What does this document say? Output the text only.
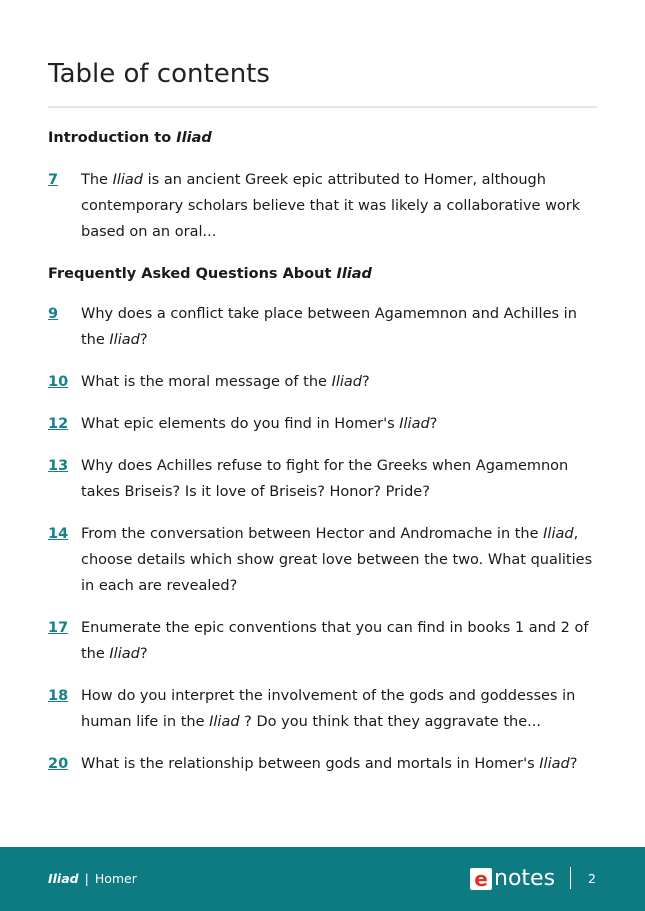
Table of contents
Introduction to Iliad
7 The Iliad is an ancient Greek epic attributed to Homer, although contemporary scholars believe that it was likely a collaborative work based on an oral...
Frequently Asked Questions About Iliad
9 Why does a conflict take place between Agamemnon and Achilles in the Iliad?
10 What is the moral message of the Iliad?
12 What epic elements do you find in Homer's Iliad?
13 Why does Achilles refuse to fight for the Greeks when Agamemnon takes Briseis? Is it love of Briseis? Honor? Pride?
14 From the conversation between Hector and Andromache in the Iliad, choose details which show great love between the two. What qualities in each are revealed?
17 Enumerate the epic conventions that you can find in books 1 and 2 of the Iliad?
18 How do you interpret the involvement of the gods and goddesses in human life in the Iliad ? Do you think that they aggravate the...
20 What is the relationship between gods and mortals in Homer's Iliad?
Iliad | Homer	e notes	2
